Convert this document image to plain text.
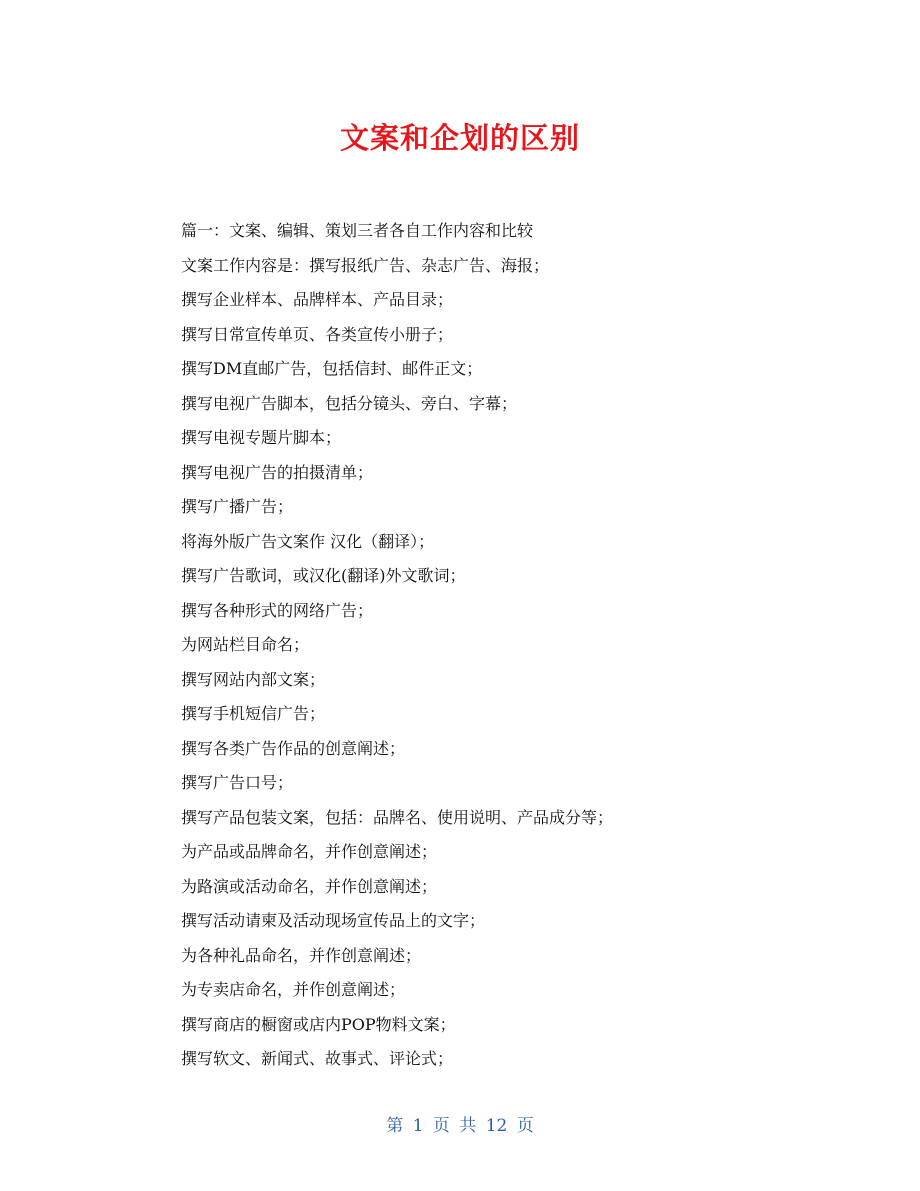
文案和企划的区别
篇一：文案、编辑、策划三者各自工作内容和比较
文案工作内容是：撰写报纸广告、杂志广告、海报；
撰写企业样本、品牌样本、产品目录；
撰写日常宣传单页、各类宣传小册子；
撰写DM直邮广告，包括信封、邮件正文；
撰写电视广告脚本，包括分镜头、旁白、字幕；
撰写电视专题片脚本；
撰写电视广告的拍摄清单；
撰写广播广告；
将海外版广告文案作 汉化（翻译）；
撰写广告歌词，或汉化(翻译)外文歌词；
撰写各种形式的网络广告；
为网站栏目命名；
撰写网站内部文案；
撰写手机短信广告；
撰写各类广告作品的创意阐述；
撰写广告口号；
撰写产品包装文案，包括：品牌名、使用说明、产品成分等；
为产品或品牌命名，并作创意阐述；
为路演或活动命名，并作创意阐述；
撰写活动请柬及活动现场宣传品上的文字；
为各种礼品命名，并作创意阐述；
为专卖店命名，并作创意阐述；
撰写商店的橱窗或店内POP物料文案；
撰写软文、新闻式、故事式、评论式；
第 1 页 共 12 页
